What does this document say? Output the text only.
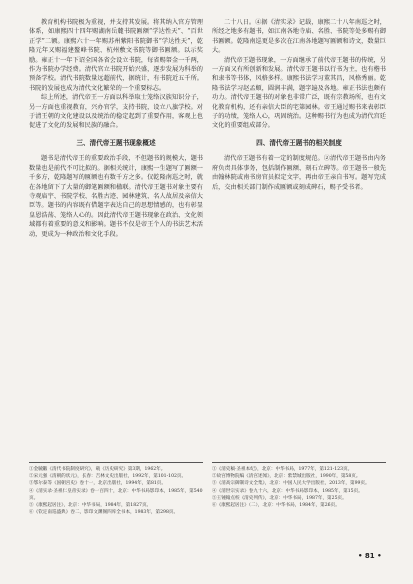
教育机构书院极为重视，并支持其发展。将其纳入官方管理体系，如康熙四十四年赐湖南岳麓书院匾额“学达性天”、“百世正学”二额。康熙六十一年赐苏州紫阳书院御书“学达性天”，乾隆元年又赐福建鳌峰书院、杭州敷文书院等御书匾额。以示奖励。雍正十一年下诏全国各省会设立书院，每省赐帑金一千两，作为书院办学经费。清代官立书院开始兴盛，逐步发展为科举的预备学校。清代书院数量远超前代，据统计，有书院近五千所。书院的发展也成为清代文化繁荣的一个重要标志。

综上所述，清代帝王一方面以科举取士笼络汉族知识分子，另一方面也重视教育，兴办官学，支持书院，设立八旗学校。对于清王朝的文化建设以及统治的稳定起到了重要作用，客观上也促进了文化的发展和民族的融合。

三、清代帝王题书现象概述

题书是清代帝王的重要政治手段，不但题书的规模大，题书数量也是前代不可比拟的。据相关统计，康熙一生题写了匾额一千多方，乾隆题写的匾额也有数千方之多。仅乾隆南巡之时，就在各地留下了大量的御笔匾额和楹联。清代帝王题书对象主要有寺观庙宇、书院学校、名胜古迹、园林建筑、名人故居及亲信大臣等。题书的内容既有借题字表达自己的思想情感的，也有彰显皇恩浩荡、笼络人心的。因此清代帝王题书现象在政治、文化领域都有着重要的意义和影响。题书不仅是帝王个人的书法艺术活动，更成为一种政治和文化手段。

二十八日。④据《清实录》记载，康熙二十八年南巡之时，所经之地多有题书，如江南各地寺庙、名胜、书院等处多赐有御书匾额。乾隆南巡更是多次在江南各地题写匾额和诗文，数量巨大。

清代帝王题书现象，一方面继承了前代帝王题书的传统，另一方面又有所创新和发展。清代帝王题书以行书为主，也有楷书和隶书等书体，风格多样。康熙书法学习董其昌，风格秀丽。乾隆书法学习赵孟頫，圆润丰满，题字遍及各地。雍正书法也颇有功力。清代帝王题书的对象也非常广泛，既有宗教场所，也有文化教育机构，还有亲信大臣的宅第园林。帝王通过赐书来表彰臣子的功绩，笼络人心，巩固统治。这种赐书行为也成为清代宫廷文化的重要组成部分。

四、清代帝王题书的相关制度

清代帝王题书有着一定的制度规范。②清代帝王题书由内务府负责具体事务，包括制作匾额、刻石立碑等。帝王题书一般先由翰林院或南书房官员拟定文字，再由帝王亲自书写。题写完成后，交由相关部门制作成匾额或刻成碑石，赐予受书者。

①金毓黻《清代书院制度研究》，载《历史研究》第3期，1962年。
②宋元强《清朝的状元》，长春：吉林文史出版社，1992年，第101-102页。
③鄂尔泰等《国朝宫史》卷十一，北京出版社，1994年，第81页。
④《清实录·圣祖仁皇帝实录》卷一百四十，北京：中华书局影印本，1985年，第540页。
⑤《康熙起居注》，北京：中华书局，1984年，第1827页。
⑥《钦定南巡盛典》卷二，影印文渊阁四库全书本，1983年，第298页。
①《清史稿·圣祖本纪》，北京：中华书局，1977年，第121-123页。
②故宫博物院编《清宫述闻》，北京：紫禁城出版社，1990年，第58页。
③《清高宗御制诗文全集》，北京：中国人民大学出版社，2013年，第99页。
④《清世宗实录》卷九十六，北京：中华书局影印本，1985年，第15页。
⑤王锺翰点校《清史列传》，北京：中华书局，1987年，第25页。
⑥《康熙起居注》（二），北京：中华书局，1984年，第26页。
• 81 •
